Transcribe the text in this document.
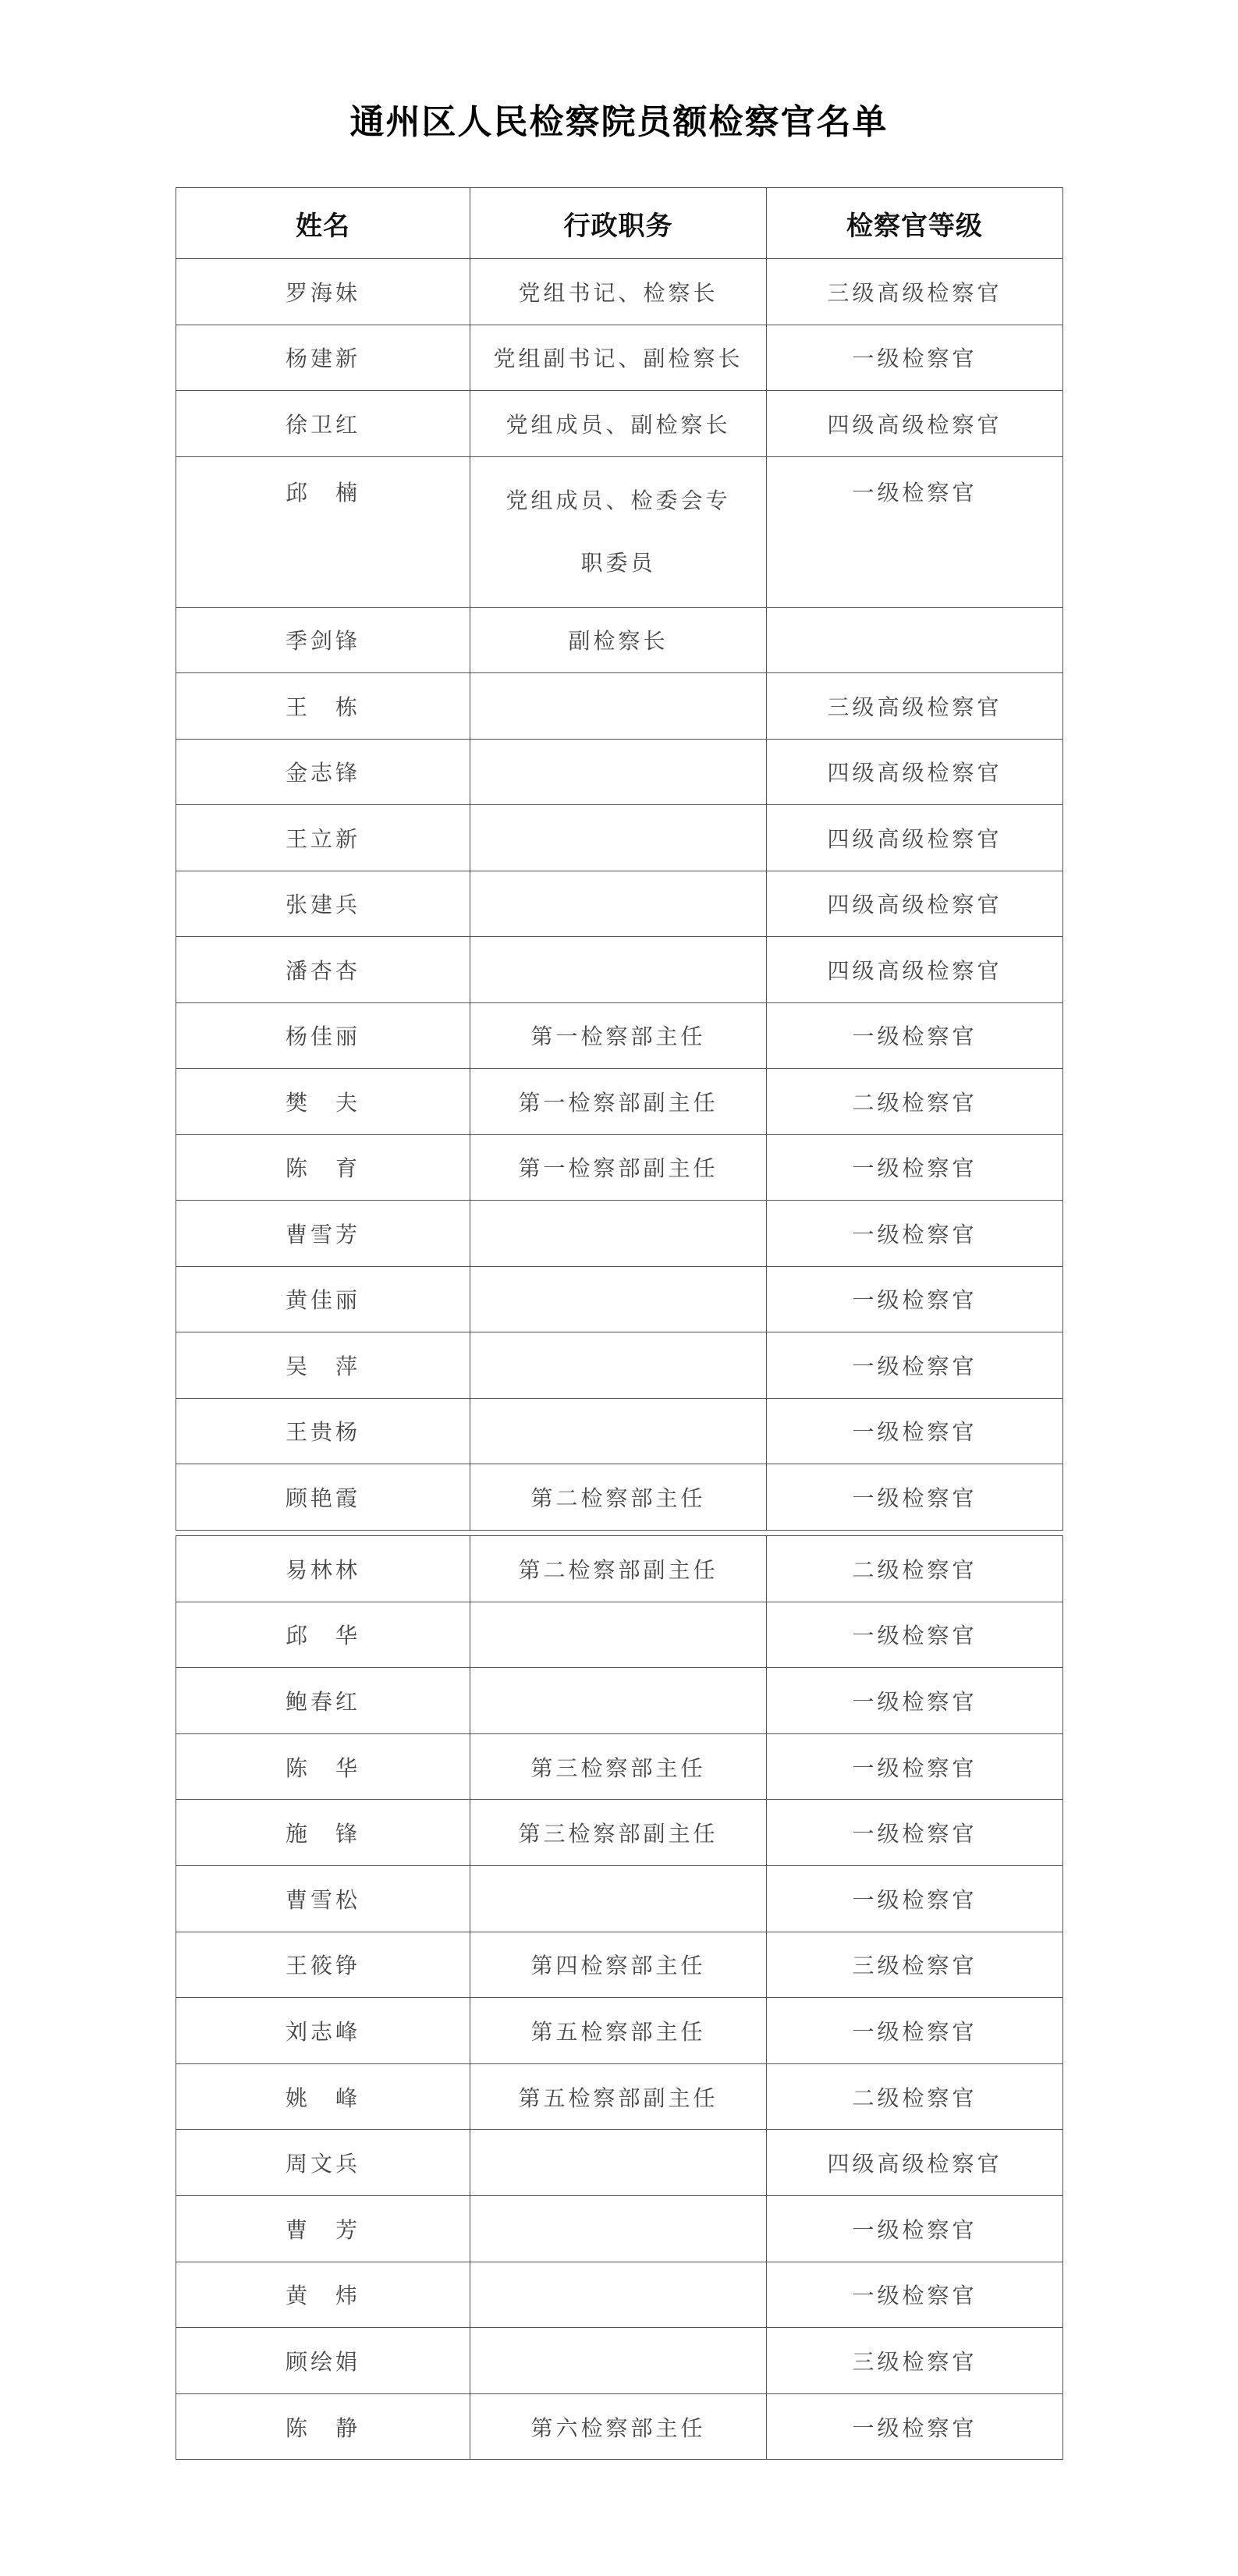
通州区人民检察院员额检察官名单
姓名	行政职务	检察官等级
罗海妹	党组书记、检察长	三级高级检察官
杨建新	党组副书记、副检察长	一级检察官
徐卫红	党组成员、副检察长	四级高级检察官
邱　楠	党组成员、检委会专职委员	一级检察官
季剑锋	副检察长	
王　栋		三级高级检察官
金志锋		四级高级检察官
王立新		四级高级检察官
张建兵		四级高级检察官
潘杏杏		四级高级检察官
杨佳丽	第一检察部主任	一级检察官
樊　夫	第一检察部副主任	二级检察官
陈　育	第一检察部副主任	一级检察官
曹雪芳		一级检察官
黄佳丽		一级检察官
吴　萍		一级检察官
王贵杨		一级检察官
顾艳霞	第二检察部主任	一级检察官
易林林	第二检察部副主任	二级检察官
邱　华		一级检察官
鲍春红		一级检察官
陈　华	第三检察部主任	一级检察官
施　锋	第三检察部副主任	一级检察官
曹雪松		一级检察官
王筱铮	第四检察部主任	三级检察官
刘志峰	第五检察部主任	一级检察官
姚　峰	第五检察部副主任	二级检察官
周文兵		四级高级检察官
曹　芳		一级检察官
黄　炜		一级检察官
顾绘娟		三级检察官
陈　静	第六检察部主任	一级检察官
